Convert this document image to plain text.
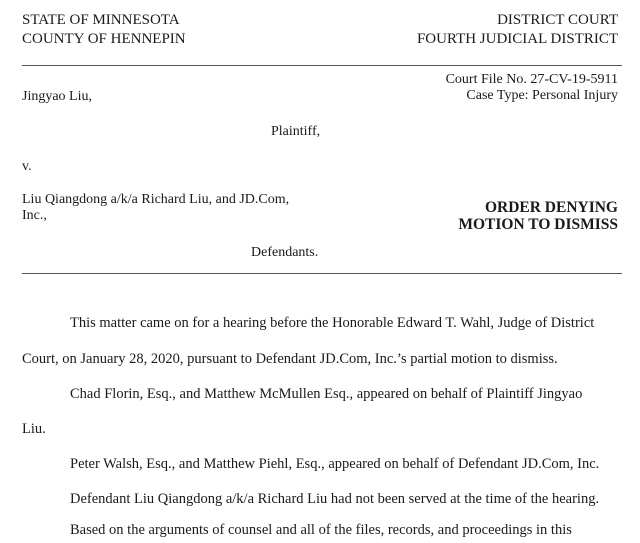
STATE OF MINNESOTA
COUNTY OF HENNEPIN
DISTRICT COURT
FOURTH JUDICIAL DISTRICT
Court File No. 27-CV-19-5911
Case Type: Personal Injury
Jingyao Liu,
Plaintiff,
v.
Liu Qiangdong a/k/a Richard Liu, and JD.Com,
Inc.,	ORDER DENYING
MOTION TO DISMISS
Defendants.
This matter came on for a hearing before the Honorable Edward T. Wahl, Judge of District
Court, on January 28, 2020, pursuant to Defendant JD.Com, Inc.’s partial motion to dismiss.
Chad Florin, Esq., and Matthew McMullen Esq., appeared on behalf of Plaintiff Jingyao
Liu.
Peter Walsh, Esq., and Matthew Piehl, Esq., appeared on behalf of Defendant JD.Com, Inc.
Defendant Liu Qiangdong a/k/a Richard Liu had not been served at the time of the hearing.
Based on the arguments of counsel and all of the files, records, and proceedings in this
